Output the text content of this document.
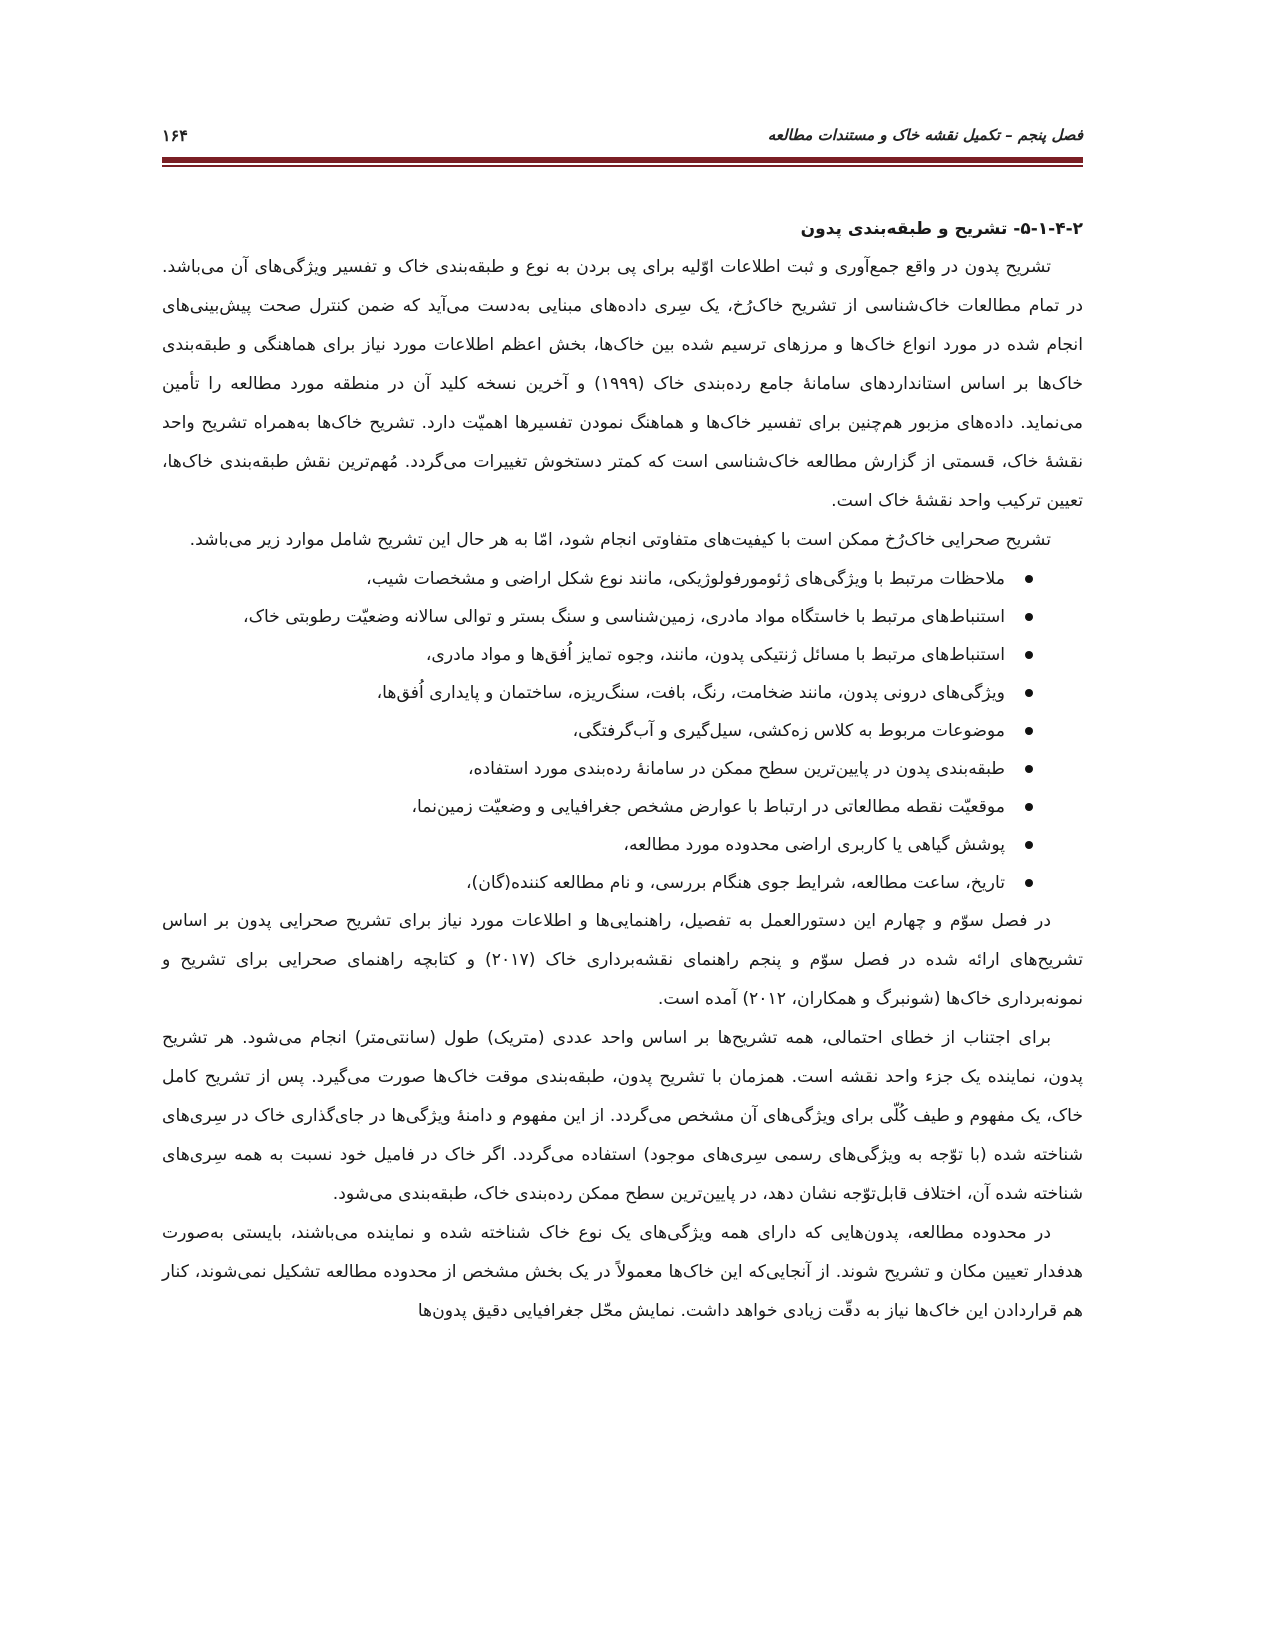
فصل پنجم – تکمیل نقشه خاک و مستندات مطالعه
۱۶۴
۵-۱-۴-۲- تشریح و طبقه‌بندی پدون

تشریح پدون در واقع جمع‌آوری و ثبت اطلاعات اوّلیه برای پی بردن به نوع و طبقه‌بندی خاک و تفسیر ویژگی‌های آن می‌باشد. در تمام مطالعات خاک‌شناسی از تشریح خاک‌رُخ، یک سِری داده‌های مبنایی به‌دست می‌آید که ضمن کنترل صحت پیش‌بینی‌های انجام شده در مورد انواع خاک‌ها و مرزهای ترسیم شده بین خاک‌ها، بخش اعظم اطلاعات مورد نیاز برای هماهنگی و طبقه‌بندی خاک‌ها بر اساس استانداردهای سامانهٔ جامع رده‌بندی خاک (۱۹۹۹) و آخرین نسخه کلید آن در منطقه مورد مطالعه را تأمین می‌نماید. داده‌های مزبور هم‌چنین برای تفسیر خاک‌ها و هماهنگ نمودن تفسیرها اهمیّت دارد. تشریح خاک‌ها به‌همراه تشریح واحد نقشهٔ خاک، قسمتی از گزارش مطالعه خاک‌شناسی است که کمتر دستخوش تغییرات می‌گردد. مُهم‌ترین نقش طبقه‌بندی خاک‌ها، تعیین ترکیب واحد نقشهٔ خاک است.

تشریح صحرایی خاک‌رُخ ممکن است با کیفیت‌های متفاوتی انجام شود، امّا به هر حال این تشریح شامل موارد زیر می‌باشد.

ملاحظات مرتبط با ویژگی‌های ژئومورفولوژیکی، مانند نوع شکل اراضی و مشخصات شیب،
استنباط‌های مرتبط با خاستگاه مواد مادری، زمین‌شناسی و سنگ بستر و توالی سالانه وضعیّت رطوبتی خاک،
استنباط‌های مرتبط با مسائل ژنتیکی پدون، مانند، وجوه تمایز اُفق‌ها و مواد مادری،
ویژگی‌های درونی پدون، مانند ضخامت، رنگ، بافت، سنگ‌ریزه، ساختمان و پایداری اُفق‌ها،
موضوعات مربوط به کلاس زه‌کشی، سیل‌گیری و آب‌گرفتگی،
طبقه‌بندی پدون در پایین‌ترین سطح ممکن در سامانهٔ رده‌بندی مورد استفاده،
موقعیّت نقطه مطالعاتی در ارتباط با عوارض مشخص جغرافیایی و وضعیّت زمین‌نما،
پوشش گیاهی یا کاربری اراضی محدوده مورد مطالعه،
تاریخ، ساعت مطالعه، شرایط جوی هنگام بررسی، و نام مطالعه کننده(گان)،

در فصل سوّم و چهارم این دستورالعمل به تفصیل، راهنمایی‌ها و اطلاعات مورد نیاز برای تشریح صحرایی پدون بر اساس تشریح‌های ارائه شده در فصل سوّم و پنجم راهنمای نقشه‌برداری خاک (۲۰۱۷) و کتابچه راهنمای صحرایی برای تشریح و نمونه‌برداری خاک‌ها (شونبرگ و همکاران، ۲۰۱۲) آمده است.

برای اجتناب از خطای احتمالی، همه تشریح‌ها بر اساس واحد عددی (متریک) طول (سانتی‌متر) انجام می‌شود. هر تشریح پدون، نماینده یک جزء واحد نقشه است. همزمان با تشریح پدون، طبقه‌بندی موقت خاک‌ها صورت می‌گیرد. پس از تشریح کامل خاک، یک مفهوم و طیف کُلّی برای ویژگی‌های آن مشخص می‌گردد. از این مفهوم و دامنهٔ ویژگی‌ها در جای‌گذاری خاک در سِری‌های شناخته شده (با توّجه به ویژگی‌های رسمی سِری‌های موجود) استفاده می‌گردد. اگر خاک در فامیل خود نسبت به همه سِری‌های شناخته شده آن، اختلاف قابل‌توّجه نشان دهد، در پایین‌ترین سطح ممکن رده‌بندی خاک، طبقه‌بندی می‌شود.

در محدوده مطالعه، پدون‌هایی که دارای همه ویژگی‌های یک نوع خاک شناخته شده و نماینده می‌باشند، بایستی به‌صورت هدفدار تعیین مکان و تشریح شوند. از آنجایی‌که این خاک‌ها معمولاً در یک بخش مشخص از محدوده مطالعه تشکیل نمی‌شوند، کنار هم قراردادن این خاک‌ها نیاز به دقّت زیادی خواهد داشت. نمایش محّل جغرافیایی دقیق پدون‌ها
